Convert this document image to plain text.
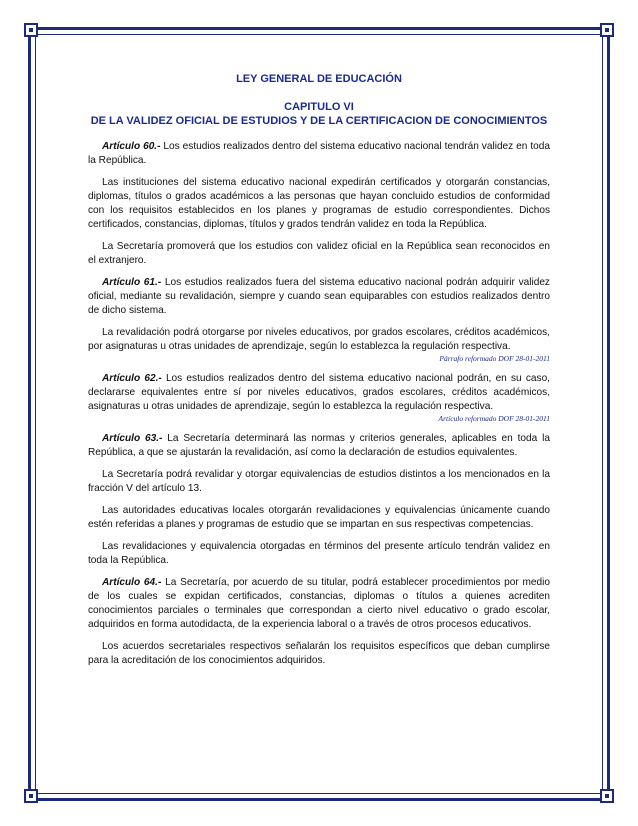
LEY GENERAL DE EDUCACIÓN

CAPITULO VI

DE LA VALIDEZ OFICIAL DE ESTUDIOS Y DE LA CERTIFICACION DE CONOCIMIENTOS

Artículo 60.- Los estudios realizados dentro del sistema educativo nacional tendrán validez en toda la República.

Las instituciones del sistema educativo nacional expedirán certificados y otorgarán constancias, diplomas, títulos o grados académicos a las personas que hayan concluido estudios de conformidad con los requisitos establecidos en los planes y programas de estudio correspondientes. Dichos certificados, constancias, diplomas, títulos y grados tendrán validez en toda la República.

La Secretaría promoverá que los estudios con validez oficial en la República sean reconocidos en el extranjero.

Artículo 61.- Los estudios realizados fuera del sistema educativo nacional podrán adquirir validez oficial, mediante su revalidación, siempre y cuando sean equiparables con estudios realizados dentro de dicho sistema.

La revalidación podrá otorgarse por niveles educativos, por grados escolares, créditos académicos, por asignaturas u otras unidades de aprendizaje, según lo establezca la regulación respectiva.
Párrafo reformado DOF 28-01-2011

Artículo 62.- Los estudios realizados dentro del sistema educativo nacional podrán, en su caso, declararse equivalentes entre sí por niveles educativos, grados escolares, créditos académicos, asignaturas u otras unidades de aprendizaje, según lo establezca la regulación respectiva.
Artículo reformado DOF 28-01-2011

Artículo 63.- La Secretaría determinará las normas y criterios generales, aplicables en toda la República, a que se ajustarán la revalidación, así como la declaración de estudios equivalentes.

La Secretaría podrá revalidar y otorgar equivalencias de estudios distintos a los mencionados en la fracción V del artículo 13.

Las autoridades educativas locales otorgarán revalidaciones y equivalencias únicamente cuando estén referidas a planes y programas de estudio que se impartan en sus respectivas competencias.

Las revalidaciones y equivalencia otorgadas en términos del presente artículo tendrán validez en toda la República.

Artículo 64.- La Secretaría, por acuerdo de su titular, podrá establecer procedimientos por medio de los cuales se expidan certificados, constancias, diplomas o títulos a quienes acrediten conocimientos parciales o terminales que correspondan a cierto nivel educativo o grado escolar, adquiridos en forma autodidacta, de la experiencia laboral o a través de otros procesos educativos.

Los acuerdos secretariales respectivos señalarán los requisitos específicos que deban cumplirse para la acreditación de los conocimientos adquiridos.
